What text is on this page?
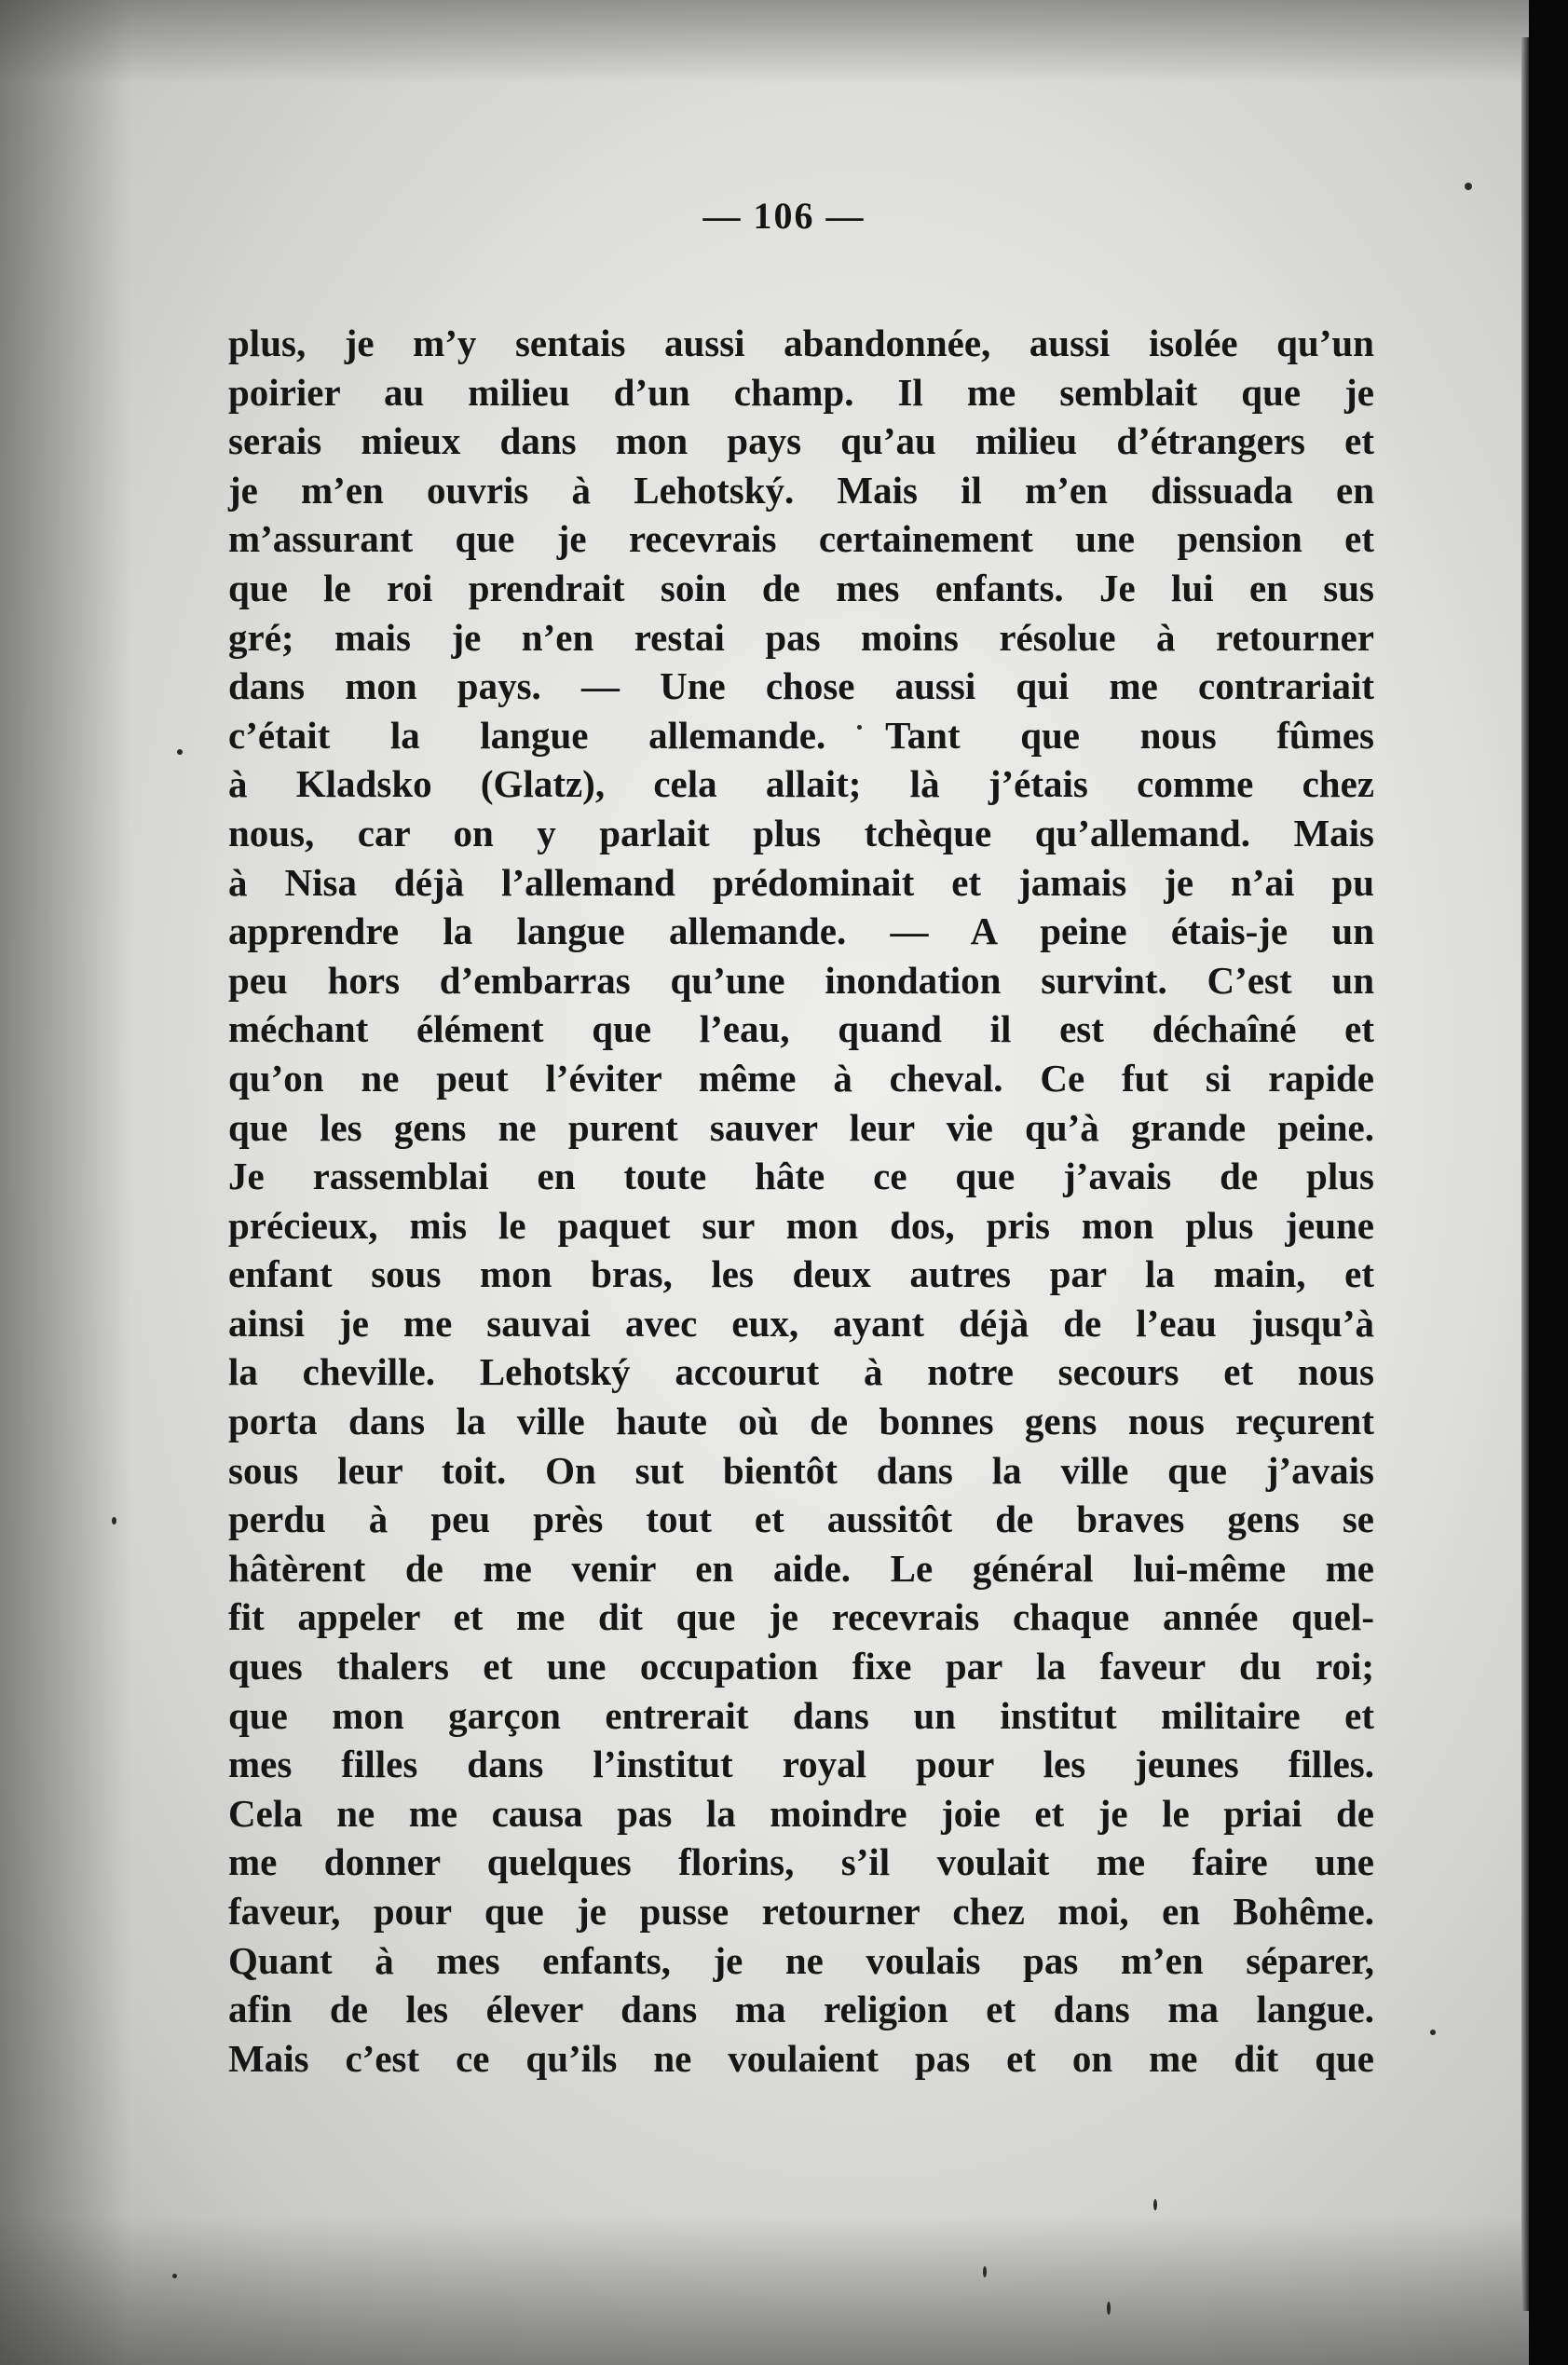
— 106 —
plus, je m’y sentais aussi abandonnée, aussi isolée qu’un
poirier au milieu d’un champ. Il me semblait que je
serais mieux dans mon pays qu’au milieu d’étrangers et
je m’en ouvris à Lehotský. Mais il m’en dissuada en
m’assurant que je recevrais certainement une pension et
que le roi prendrait soin de mes enfants. Je lui en sus
gré; mais je n’en restai pas moins résolue à retourner
dans mon pays. — Une chose aussi qui me contrariait
c’était la langue allemande. Tant que nous fûmes
à Kladsko (Glatz), cela allait; là j’étais comme chez
nous, car on y parlait plus tchèque qu’allemand. Mais
à Nisa déjà l’allemand prédominait et jamais je n’ai pu
apprendre la langue allemande. — A peine étais-je un
peu hors d’embarras qu’une inondation survint. C’est un
méchant élément que l’eau, quand il est déchaîné et
qu’on ne peut l’éviter même à cheval. Ce fut si rapide
que les gens ne purent sauver leur vie qu’à grande peine.
Je rassemblai en toute hâte ce que j’avais de plus
précieux, mis le paquet sur mon dos, pris mon plus jeune
enfant sous mon bras, les deux autres par la main, et
ainsi je me sauvai avec eux, ayant déjà de l’eau jusqu’à
la cheville. Lehotský accourut à notre secours et nous
porta dans la ville haute où de bonnes gens nous reçurent
sous leur toit. On sut bientôt dans la ville que j’avais
perdu à peu près tout et aussitôt de braves gens se
hâtèrent de me venir en aide. Le général lui-même me
fit appeler et me dit que je recevrais chaque année quel-
ques thalers et une occupation fixe par la faveur du roi;
que mon garçon entrerait dans un institut militaire et
mes filles dans l’institut royal pour les jeunes filles.
Cela ne me causa pas la moindre joie et je le priai de
me donner quelques florins, s’il voulait me faire une
faveur, pour que je pusse retourner chez moi, en Bohême.
Quant à mes enfants, je ne voulais pas m’en séparer,
afin de les élever dans ma religion et dans ma langue.
Mais c’est ce qu’ils ne voulaient pas et on me dit que
